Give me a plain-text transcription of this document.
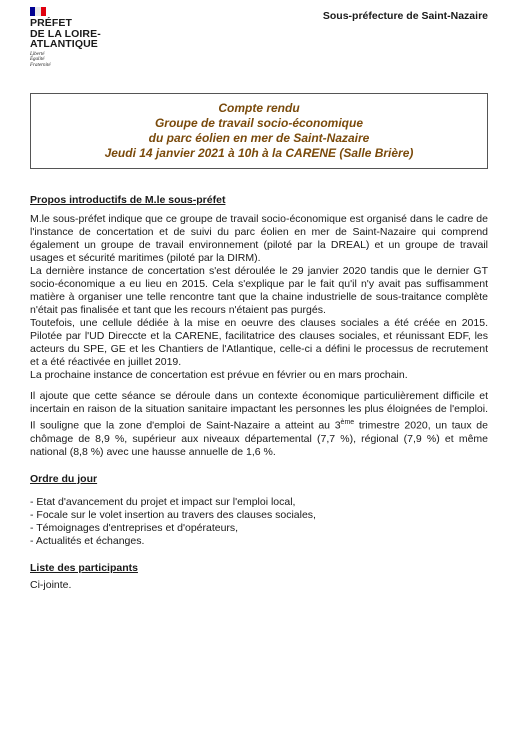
PRÉFET
DE LA LOIRE-
ATLANTIQUE
Liberté
Égalité
Fraternité
Sous-préfecture de Saint-Nazaire
Compte rendu
Groupe de travail socio-économique
du parc éolien en mer de Saint-Nazaire
Jeudi 14 janvier 2021 à 10h à la CARENE (Salle Brière)
Propos introductifs de M.le sous-préfet

M.le sous-préfet indique que ce groupe de travail socio-économique est organisé dans le cadre de l'instance de concertation et de suivi du parc éolien en mer de Saint-Nazaire qui comprend également un groupe de travail environnement (piloté par la DREAL) et un groupe de travail usages et sécurité maritimes (piloté par la DIRM).

La dernière instance de concertation s'est déroulée le 29 janvier 2020 tandis que le dernier GT socio-économique a eu lieu en 2015. Cela s'explique par le fait qu'il n'y avait pas suffisamment matière à organiser une telle rencontre tant que la chaine industrielle de sous-traitance complète n'était pas finalisée et tant que les recours n'étaient pas purgés.

Toutefois, une cellule dédiée à la mise en oeuvre des clauses sociales a été créée en 2015. Pilotée par l'UD Direccte et la CARENE, facilitatrice des clauses sociales, et réunissant EDF, les acteurs du SPE, GE et les Chantiers de l'Atlantique, celle-ci a défini le processus de recrutement et a été réactivée en juillet 2019.

La prochaine instance de concertation est prévue en février ou en mars prochain.

Il ajoute que cette séance se déroule dans un contexte économique particulièrement difficile et incertain en raison de la situation sanitaire impactant les personnes les plus éloignées de l'emploi. Il souligne que la zone d'emploi de Saint-Nazaire a atteint au 3ème trimestre 2020, un taux de chômage de 8,9 %, supérieur aux niveaux départemental (7,7 %), régional (7,9 %) et même national (8,8 %) avec une hausse annuelle de 1,6 %.

Ordre du jour

- Etat d'avancement du projet et impact sur l'emploi local,

- Focale sur le volet insertion au travers des clauses sociales,

- Témoignages d'entreprises et d'opérateurs,

- Actualités et échanges.

Liste des participants

Ci-jointe.
